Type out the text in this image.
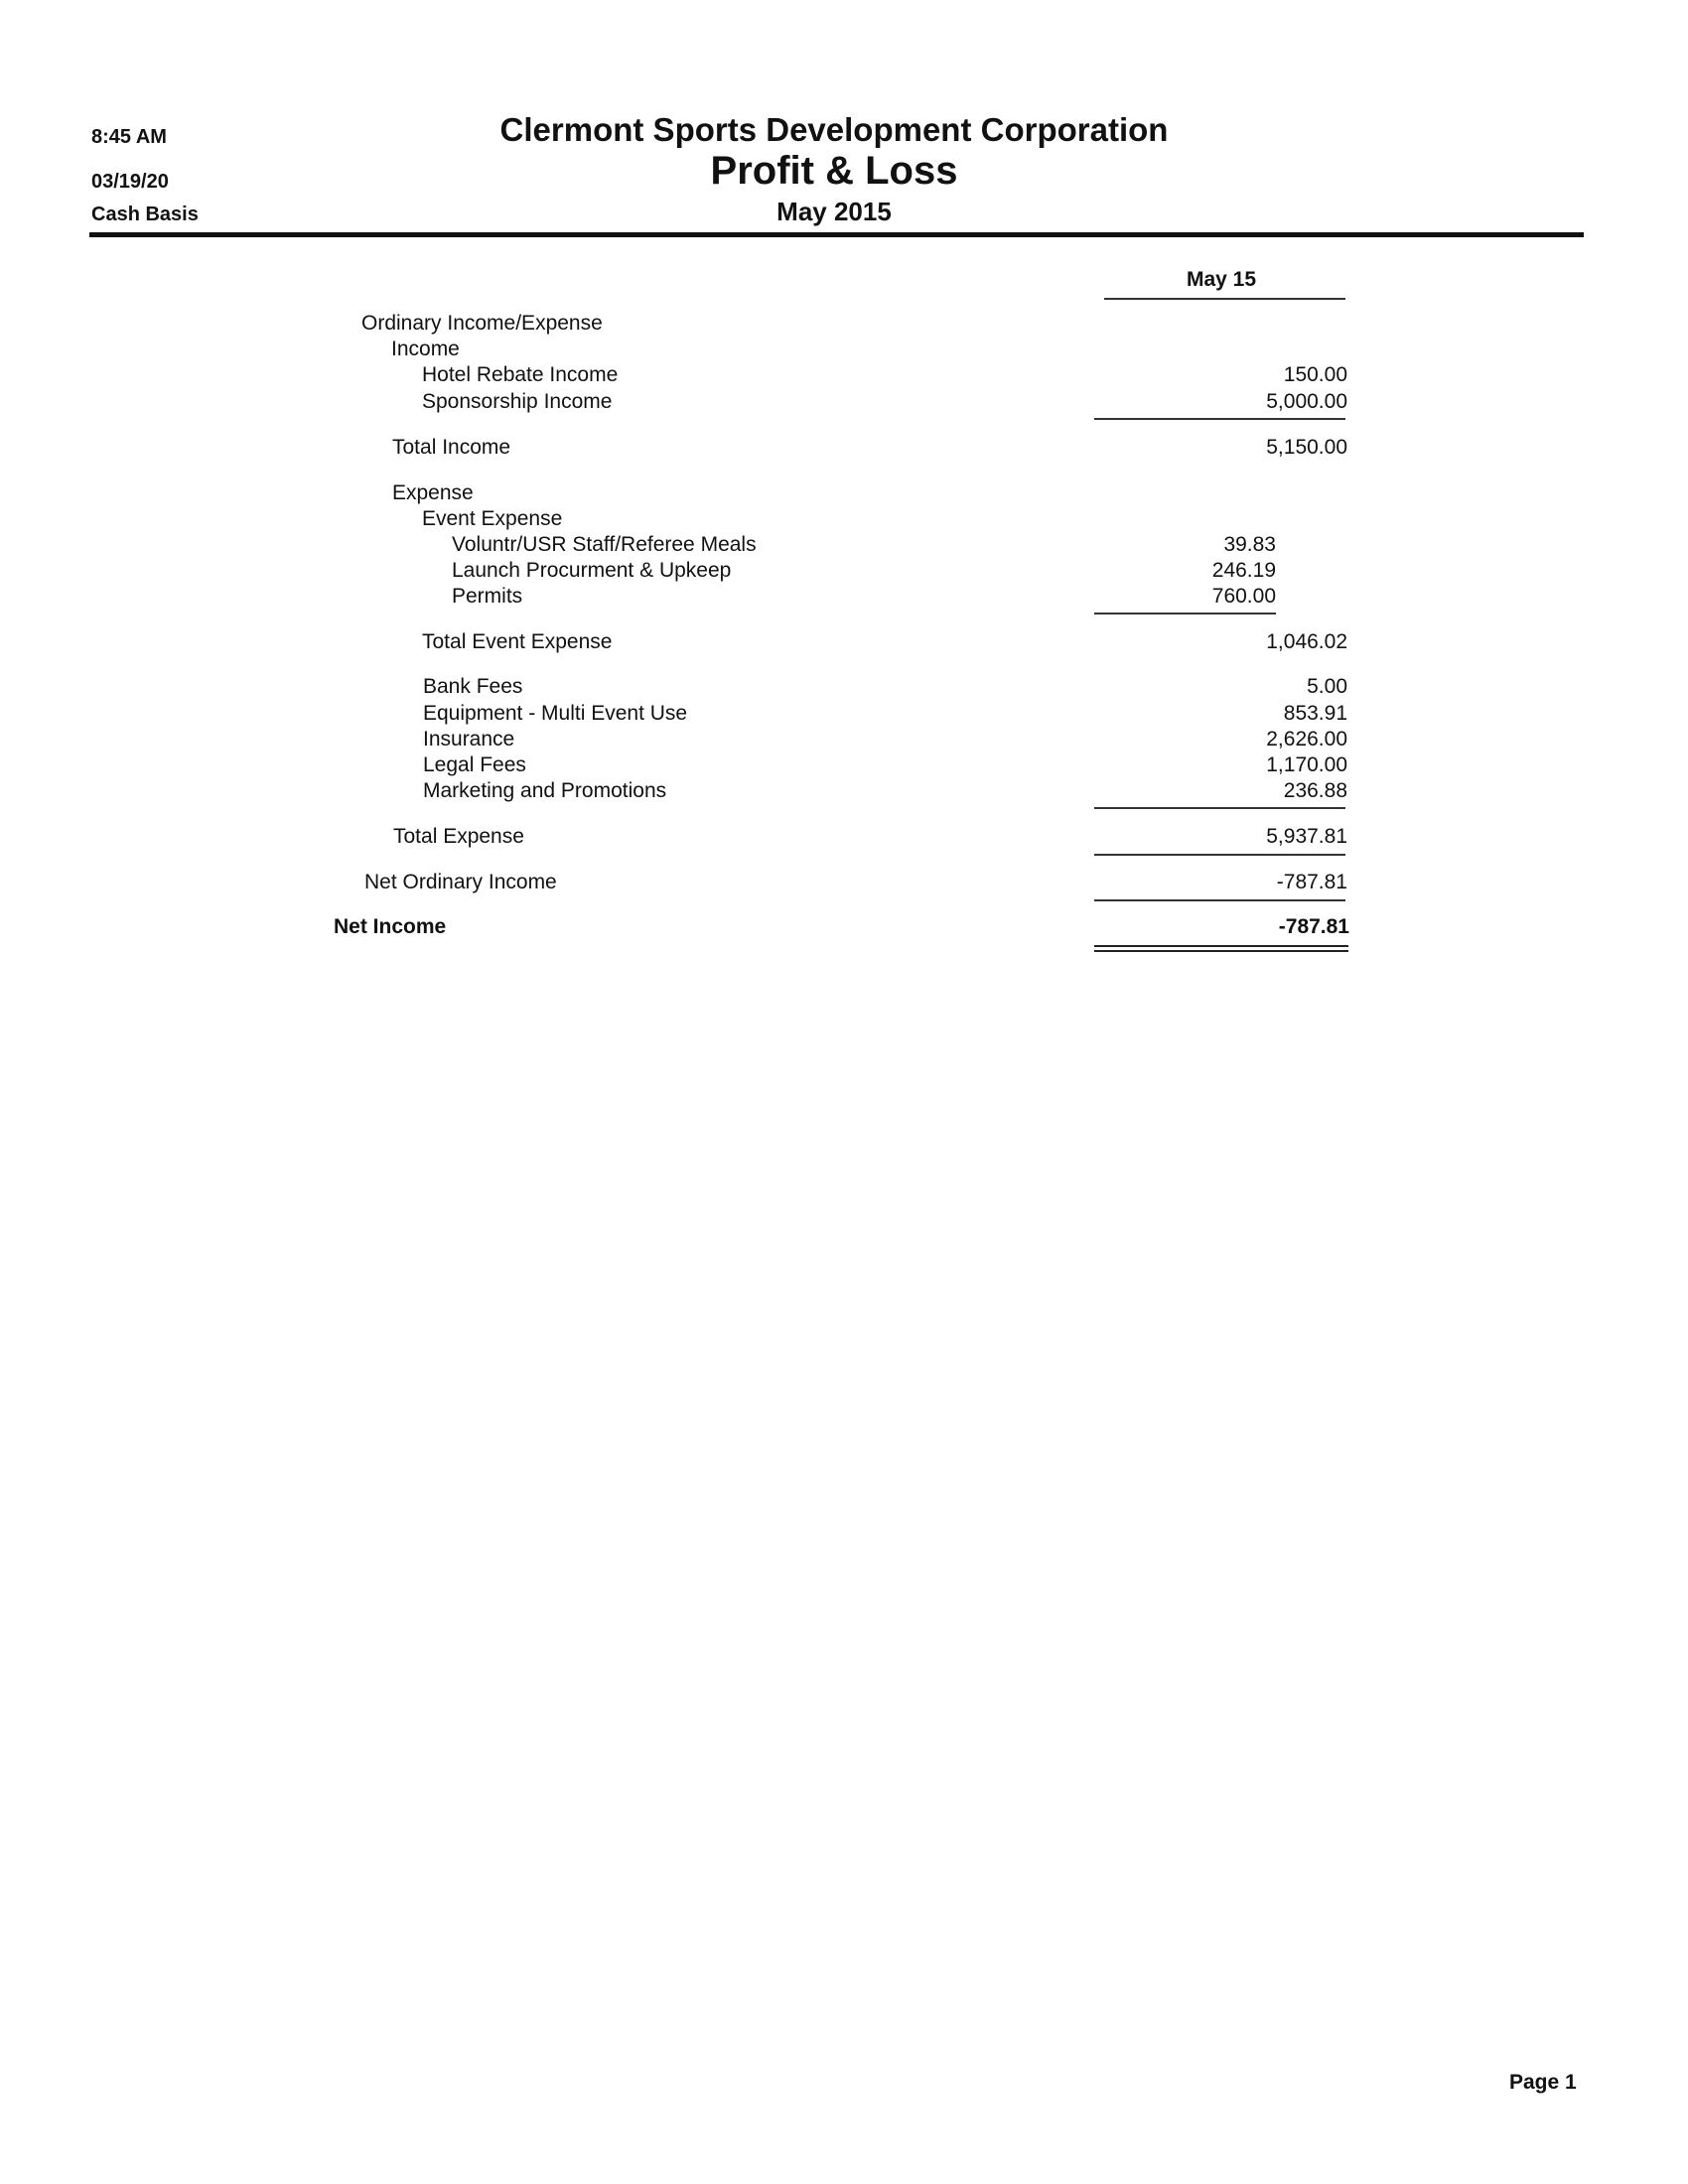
8:45 AM
03/19/20
Cash Basis
Clermont Sports Development Corporation
Profit & Loss
May 2015
May 15
Ordinary Income/Expense
Income
Hotel Rebate Income	150.00
Sponsorship Income	5,000.00
Total Income	5,150.00
Expense
Event Expense
Voluntr/USR Staff/Referee Meals	39.83
Launch Procurment & Upkeep	246.19
Permits	760.00
Total Event Expense	1,046.02
Bank Fees	5.00
Equipment - Multi Event Use	853.91
Insurance	2,626.00
Legal Fees	1,170.00
Marketing and Promotions	236.88
Total Expense	5,937.81
Net Ordinary Income	-787.81
Net Income	-787.81
Page 1
